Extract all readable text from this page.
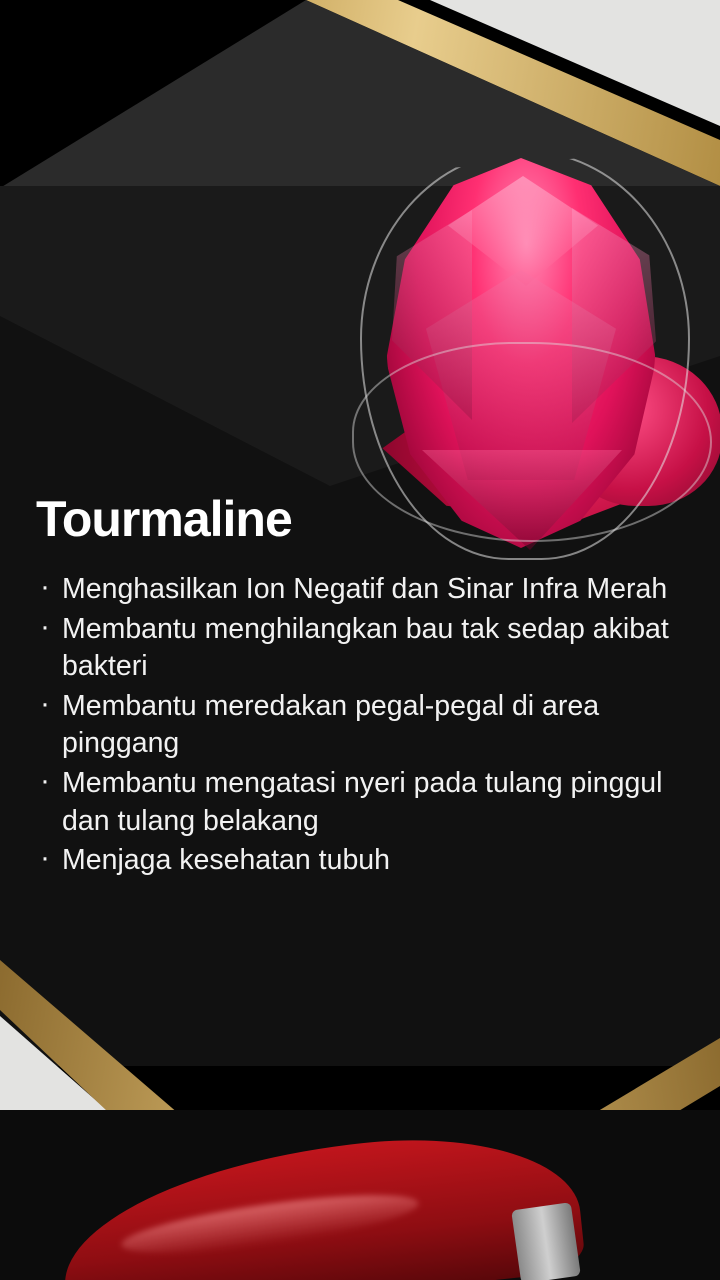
Tourmaline
· Menghasilkan Ion Negatif dan Sinar Infra Merah
· Membantu menghilangkan bau tak sedap akibat bakteri
· Membantu meredakan pegal-pegal di area pinggang
· Membantu mengatasi nyeri pada tulang pinggul dan tulang belakang
· Menjaga kesehatan tubuh
